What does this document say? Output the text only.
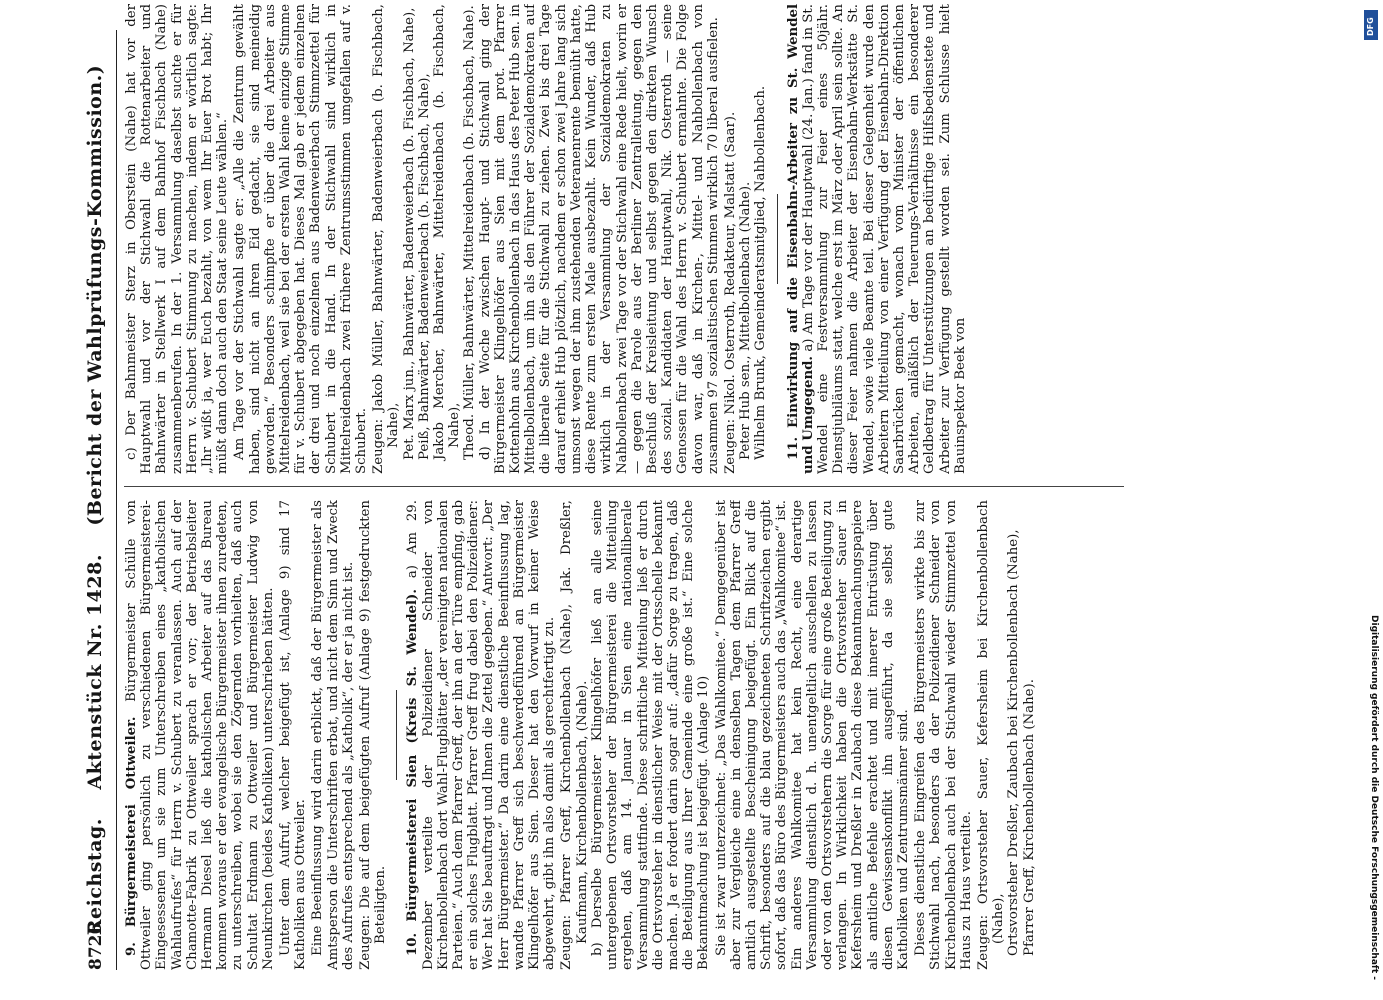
8726
Reichstag.    Aktenstück Nr. 1428.    (Bericht der Wahlprüfungs-Kommission.)

9. Bürgermeisterei Ottweiler. Bürgermeister Schülle von Ottweiler ging persönlich zu verschiedenen Bürgermeisterei-Eingesessenen um sie zum Unterschreiben eines „katholischen Wahlaufrufes“ für Herrn v. Schubert zu veranlassen. Auch auf der Chamotte-Fabrik zu Ottweiler sprach er vor; der Betriebsleiter Hermann Diesel ließ die katholischen Arbeiter auf das Bureau kommen woraus er der evangelische Bürgermeister ihnen zuredeten, zu unterschreiben, wobei sie den Zögernden vorhielten, daß auch Schultat Erdmann zu Ottweiler und Bürgermeister Ludwig von Neunkirchen (beides Katholiken) unterschrieben hätten. Unter dem Aufruf, welcher beigefügt ist, (Anlage 9) sind 17 Katholiken aus Ottweiler. Eine Beeinflussung wird darin erblickt, daß der Bürgermeister als Amtsperson die Unterschriften erbat, und nicht dem Sinn und Zweck des Aufrufes entsprechend als „Katholik“, der er ja nicht ist. Zeugen: Die auf dem beigefügten Aufruf (Anlage 9) festgedruckten Beteiligten. 10. Bürgermeisterei Sien (Kreis St. Wendel). a) Am 29. Dezember verteilte der Polizeidiener Schneider von Kirchenbollenbach dort Wahl-Flugblätter „der vereinigten nationalen Parteien.“ Auch dem Pfarrer Greff, der ihn an der Türe empfing, gab er ein solches Flugblatt. Pfarrer Greff frug dabei den Polizeidiener: Wer hat Sie beauftragt und Ihnen die Zettel gegeben.“ Antwort: „Der Herr Bürgermeister.“ Da darin eine dienstliche Beeinflussung lag, wandte Pfarrer Greff sich beschwerdeführend an Bürgermeister Klingelhöfer aus Sien. Dieser hat den Vorwurf in keiner Weise abgewehrt, gibt ihn also damit als gerechtfertigt zu. Zeugen: Pfarrer Greff, Kirchenbollenbach (Nahe), Jak. Dreßler, Kaufmann, Kirchenbollenbach, (Nahe). b) Derselbe Bürgermeister Klingelhöfer ließ an alle seine untergebenen Ortsvorsteher der Bürgermeisterei die Mitteilung ergehen, daß am 14. Januar in Sien eine nationalliberale Versammlung stattfinde. Diese schriftliche Mitteilung ließ er durch die Ortsvorsteher in dienstlicher Weise mit der Ortsschelle bekannt machen. Ja er fordert darin sogar auf: „dafür Sorge zu tragen, daß die Beteiligung aus Ihrer Gemeinde eine große ist.“ Eine solche Bekanntmachung ist beigefügt. (Anlage 10) Sie ist zwar unterzeichnet: „Das Wahlkomitee.“ Demgegenüber ist aber zur Vergleiche eine in denselben Tagen dem Pfarrer Greff amtlich ausgestellte Bescheinigung beigefügt. Ein Blick auf die Schrift, besonders auf die blau gezeichneten Schriftzeichen ergibt sofort, daß das Büro des Bürgermeisters auch das „Wahlkomitee“ ist. Ein anderes Wahlkomitee hat kein Recht, eine derartige Versammlung dienstlich d. h. unentgeltlich ausschellen zu lassen oder von den Ortsvorstehern die Sorge für eine große Beteiligung zu verlangen. In Wirklichkeit haben die Ortsvorsteher Sauer in Kefersheim und Dreßler in Zaubach diese Bekanntmachungspapiere als amtliche Befehle erachtet und mit innerer Entrüstung über diesen Gewissenskonflikt ihn ausgeführt, da sie selbst gute Katholiken und Zentrumsmänner sind. Dieses dienstliche Eingreifen des Bürgermeisters wirkte bis zur Stichwahl nach, besonders da der Polizeidiener Schneider von Kirchenbollenbach auch bei der Stichwahl wieder Stimmzettel von Haus zu Haus verteilte. Zeugen: Ortsvorsteher Sauer, Kefersheim bei Kirchenbollenbach (Nahe), Ortsvorsteher Dreßler, Zaubach bei Kirchenbollenbach (Nahe), Pfarrer Greff, Kirchenbollenbach (Nahe).

c) Der Bahnmeister Sterz in Oberstein (Nahe) hat vor der Hauptwahl und vor der Stichwahl die Rottenarbeiter und Bahnwärter in Stellwerk I auf dem Bahnhof Fischbach (Nahe) zusammenberufen. In der 1. Versammlung daselbst suchte er für Herrn v. Schubert Stimmung zu machen, indem er wörtlich sagte: „Ihr wißt ja, wer Euch bezahlt, von wem Ihr Euer Brot habt; Ihr müßt dann doch auch den Staat seine Leute wählen.“ Am Tage vor der Stichwahl sagte er: „Alle die Zentrum gewählt haben, sind nicht an ihren Eid gedacht, sie sind meineidig geworden.“ Besonders schimpfte er über die drei Arbeiter aus Mittelreidenbach, weil sie bei der ersten Wahl keine einzige Stimme für v. Schubert abgegeben hat. Dieses Mal gab er jedem einzelnen der drei und noch einzelnen aus Badenweierbach Stimmzettel für Schubert in die Hand. In der Stichwahl sind wirklich in Mittelreidenbach zwei frühere Zentrumsstimmen umgefallen auf v. Schubert. Zeugen: Jakob Müller, Bahnwärter, Badenweierbach (b. Fischbach, Nahe), Pet. Marx jun., Bahnwärter, Badenweierbach (b. Fischbach, Nahe), Peiß, Bahnwärter, Badenweierbach (b. Fischbach, Nahe), Jakob Mercher, Bahnwärter, Mittelreidenbach (b. Fischbach, Nahe), Theod. Müller, Bahnwärter, Mittelreidenbach (b. Fischbach, Nahe). d) In der Woche zwischen Haupt- und Stichwahl ging der Bürgermeister Klingelhöfer aus Sien mit dem prot. Pfarrer Kottenhohn aus Kirchenbollenbach in das Haus des Peter Hub sen. in Mittelbollenbach, um ihn als den Führer der Sozialdemokraten auf die liberale Seite für die Stichwahl zu ziehen. Zwei bis drei Tage darauf erhielt Hub plötzlich, nachdem er schon zwei Jahre lang sich umsonst wegen der ihm zustehenden Veteranenrente bemüht hatte, diese Rente zum ersten Male ausbezahlt. Kein Wunder, daß Hub wirklich in der Versammlung der Sozialdemokraten zu Nahbollenbach zwei Tage vor der Stichwahl eine Rede hielt, worin er — gegen die Parole aus der Berliner Zentralleitung, gegen den Beschluß der Kreisleitung und selbst gegen den direkten Wunsch des sozial. Kandidaten der Hauptwahl, Nik. Osterroth — seine Genossen für die Wahl des Herrn v. Schubert ermahnte. Die Folge davon war, daß in Kirchen-, Mittel- und Nahbollenbach von zusammen 97 sozialistischen Stimmen wirklich 70 liberal ausfielen. Zeugen: Nikol. Osterroth, Redakteur, Malstatt (Saar). Peter Hub sen., Mittelbollenbach (Nahe). Wilhelm Brunk, Gemeinderatsmitglied, Nahbollenbach. 11. Einwirkung auf die Eisenbahn-Arbeiter zu St. Wendel und Umgegend. a) Am Tage vor der Hauptwahl (24. Jan.) fand in St. Wendel eine Festversammlung zur Feier eines 50jähr. Dienstjubiläums statt, welche erst im März oder April sein sollte. An dieser Feier nahmen die Arbeiter der Eisenbahn-Werkstätte St. Wendel, sowie viele Beamte teil. Bei dieser Gelegenheit wurde den Arbeitern Mitteilung von einer Verfügung der Eisenbahn-Direktion Saarbrücken gemacht, wonach vom Minister der öffentlichen Arbeiten, anläßlich der Teuerungs-Verhältnisse ein besonderer Geldbetrag für Unterstützungen an bedürftige Hilfsbedienstete und Arbeiter zur Verfügung gestellt worden sei. Zum Schlusse hielt Bauinspektor Beek von

DFG
Digitalisierung gefördert durch die Deutsche Forschungsgemeinschaft -
